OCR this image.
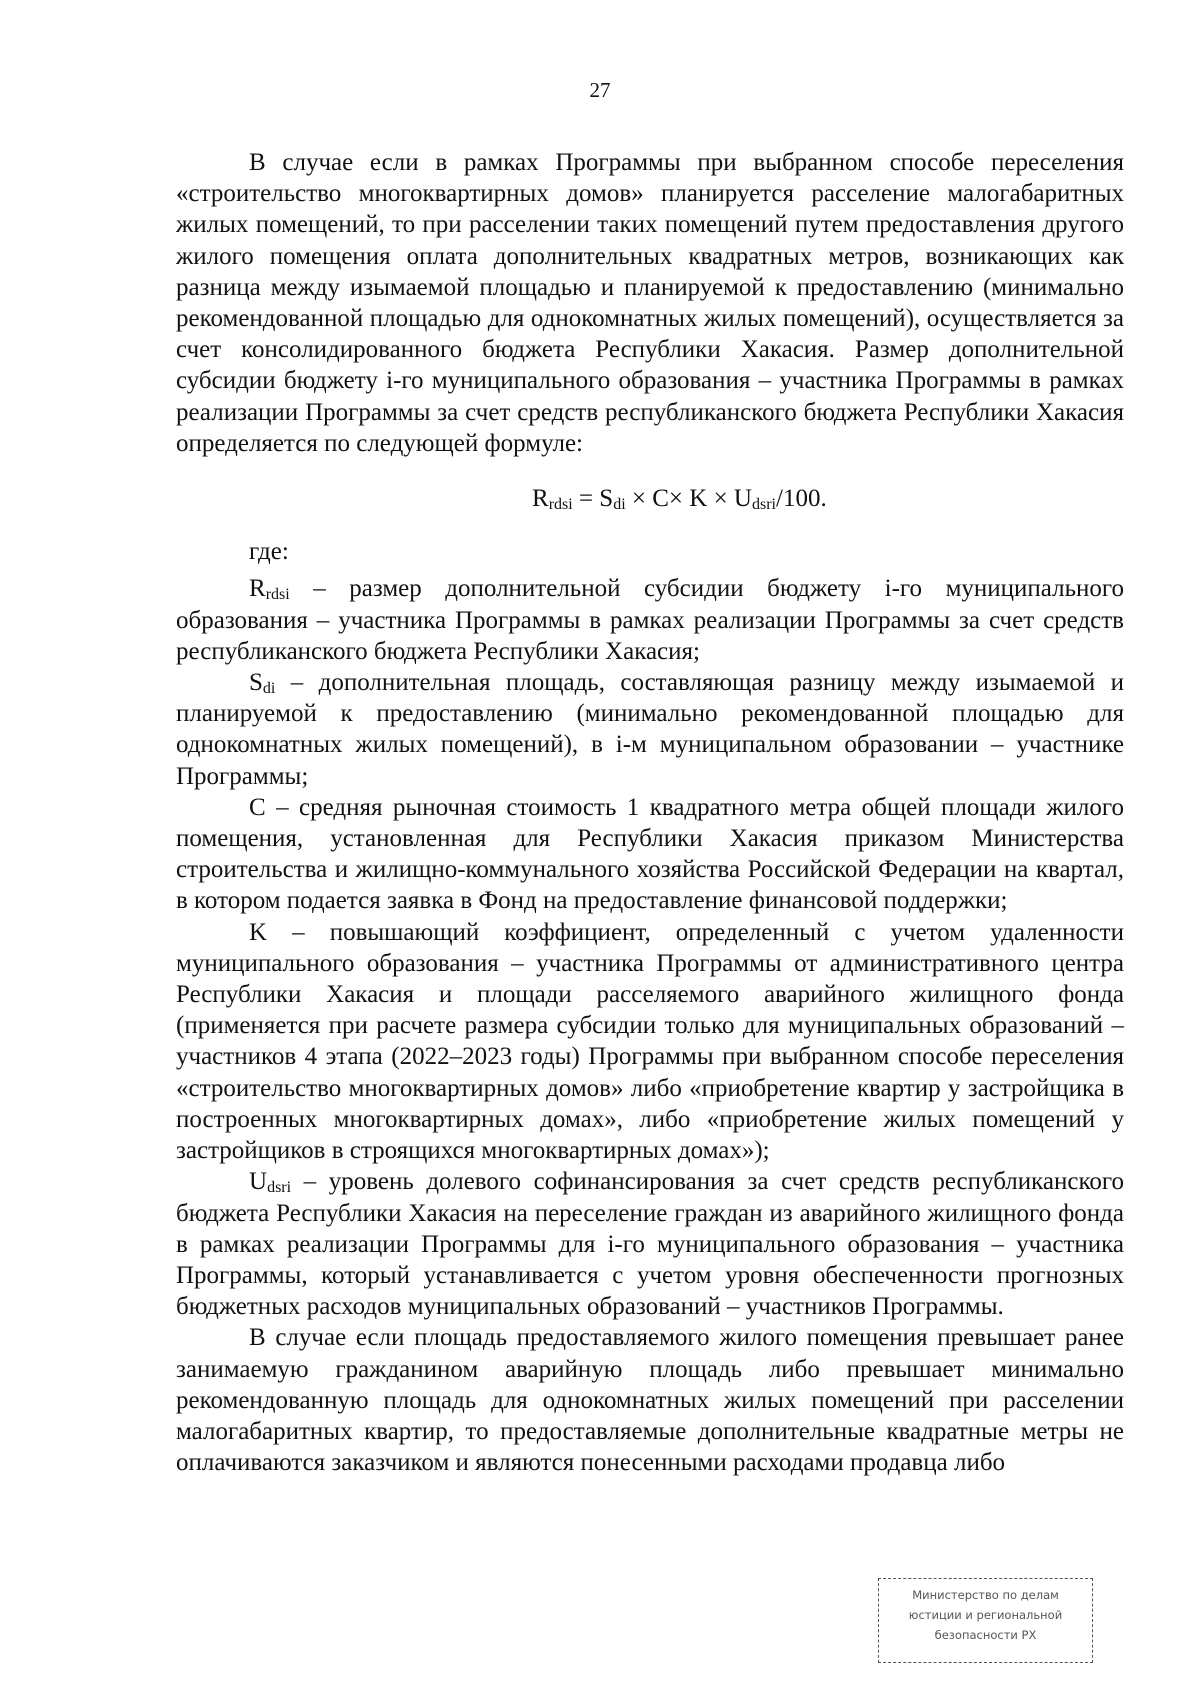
27

В случае если в рамках Программы при выбранном способе переселения «строительство многоквартирных домов» планируется расселение малогабаритных жилых помещений, то при расселении таких помещений путем предоставления другого жилого помещения оплата дополнительных квадратных метров, возникающих как разница между изымаемой площадью и планируемой к предоставлению (минимально рекомендованной площадью для однокомнатных жилых помещений), осуществляется за счет консолидированного бюджета Республики Хакасия. Размер дополнительной субсидии бюджету i-го муниципального образования – участника Программы в рамках реализации Программы за счет средств республиканского бюджета Республики Хакасия определяется по следующей формуле:

$R_{rdsi} = S_{di} \times C\times K \times U_{dsri}/100$.

где:

$R_{rdsi}$ – размер дополнительной субсидии бюджету i-го муниципального образования – участника Программы в рамках реализации Программы за счет средств республиканского бюджета Республики Хакасия;

$S_{di}$ – дополнительная площадь, составляющая разницу между изымаемой и планируемой к предоставлению (минимально рекомендованной площадью для однокомнатных жилых помещений), в i-м муниципальном образовании – участнике Программы;

С – средняя рыночная стоимость 1 квадратного метра общей площади жилого помещения, установленная для Республики Хакасия приказом Министерства строительства и жилищно-коммунального хозяйства Российской Федерации на квартал, в котором подается заявка в Фонд на предоставление финансовой поддержки;

K – повышающий коэффициент, определенный с учетом удаленности муниципального образования – участника Программы от административного центра Республики Хакасия и площади расселяемого аварийного жилищного фонда (применяется при расчете размера субсидии только для муниципальных образований – участников 4 этапа (2022–2023 годы) Программы при выбранном способе переселения «строительство многоквартирных домов» либо «приобретение квартир у застройщика в построенных многоквартирных домах», либо «приобретение жилых помещений у застройщиков в строящихся многоквартирных домах»);

$U_{dsri}$ – уровень долевого софинансирования за счет средств республиканского бюджета Республики Хакасия на переселение граждан из аварийного жилищного фонда в рамках реализации Программы для i-го муниципального образования – участника Программы, который устанавливается с учетом уровня обеспеченности прогнозных бюджетных расходов муниципальных образований – участников Программы.

В случае если площадь предоставляемого жилого помещения превышает ранее занимаемую гражданином аварийную площадь либо превышает минимально рекомендованную площадь для однокомнатных жилых помещений при расселении малогабаритных квартир, то предоставляемые дополнительные квадратные метры не оплачиваются заказчиком и являются понесенными расходами продавца либо

Министерство по делам
юстиции и региональной
безопасности РХ
